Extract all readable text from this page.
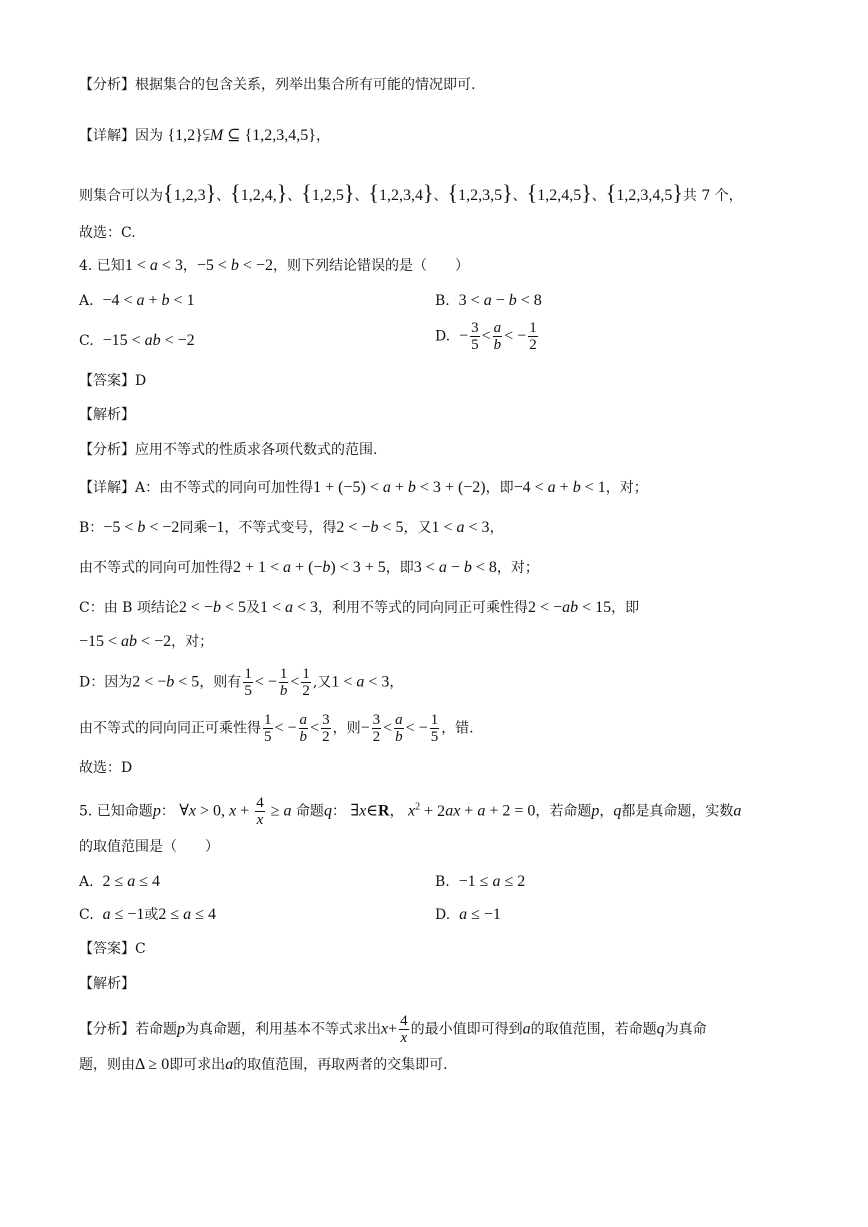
【分析】根据集合的包含关系，列举出集合所有可能的情况即可.
【详解】因为 {1,2}⫋M ⊆ {1,2,3,4,5}，
则集合可以为{1,2,3}、{1,2,4,}、{1,2,5}、{1,2,3,4}、{1,2,3,5}、{1,2,4,5}、{1,2,3,4,5}共 7 个，
故选：C.
4. 已知1 < a < 3，−5 < b < −2，则下列结论错误的是（　　）
A. −4 < a + b < 1	B. 3 < a − b < 8
C. −15 < ab < −2	D. − $\frac{3}{5} < \frac{a}{b}$ < − $\frac{1}{2}$
【答案】D
【解析】
【分析】应用不等式的性质求各项代数式的范围.
【详解】A：由不等式的同向可加性得1 + (−5) < a + b < 3 + (−2)，即−4 < a + b < 1，对；
B：−5 < b < −2同乘−1，不等式变号，得2 < −b < 5，又1 < a < 3，
由不等式的同向可加性得2 + 1 < a + (−b) < 3 + 5，即3 < a − b < 8，对；
C：由 B 项结论2 < −b < 5及1 < a < 3，利用不等式的同向同正可乘性得2 < −ab < 15，即
−15 < ab < −2，对；
D：因为2 < −b < 5，则有 $\frac{1}{5}$ < − $\frac{1}{b} < \frac{1}{2}$ ,又1 < a < 3，
由不等式的同向同正可乘性得 $\frac{1}{5}$ < − $\frac{a}{b} < \frac{3}{2}$ ，则− $\frac{3}{2} < \frac{a}{b}$ < − $\frac{1}{5}$ ，错.
故选：D
5. 已知命题p： ∀x > 0, $x + \frac{4}{x} \ge a$ 命题q： ∃x∈R， $x^2 + 2ax + a + 2 = 0$，若命题p，q都是真命题，实数a
的取值范围是（　　）
A. 2 ≤ a ≤ 4	B. −1 ≤ a ≤ 2
C. a ≤ −1或2 ≤ a ≤ 4	D. a ≤ −1
【答案】C
【解析】
【分析】若命题p为真命题，利用基本不等式求出$x+ \frac{4}{x}$ 的最小值即可得到a的取值范围，若命题q为真命
题，则由Δ ≥ 0即可求出a的取值范围，再取两者的交集即可.
